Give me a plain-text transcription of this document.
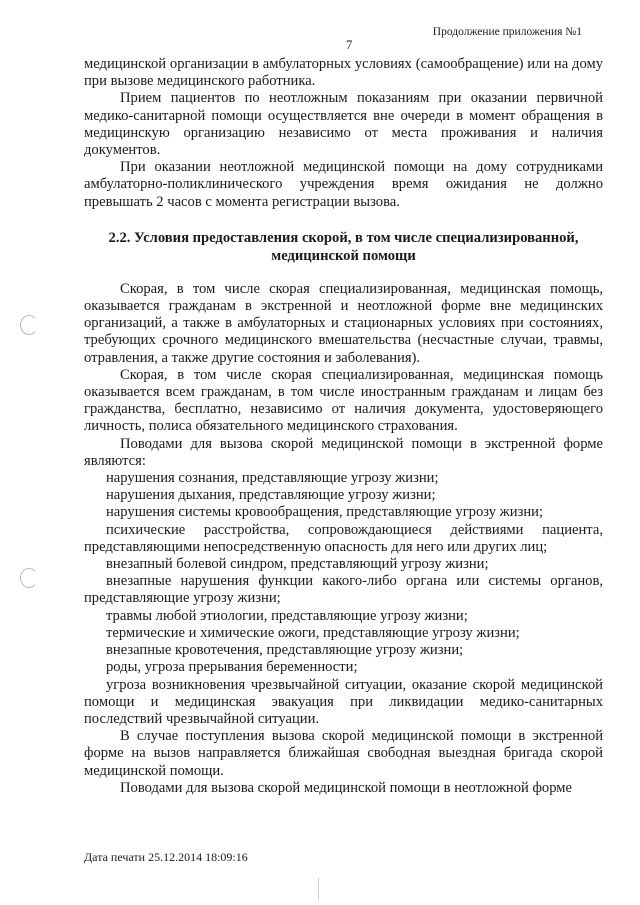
Продолжение приложения №1
7

медицинской организации в амбулаторных условиях (самообращение) или на дому при вызове медицинского работника.

Прием пациентов по неотложным показаниям при оказании первичной медико-санитарной помощи осуществляется вне очереди в момент обращения в медицинскую организацию независимо от места проживания и наличия документов.

При оказании неотложной медицинской помощи на дому сотрудниками амбулаторно-поликлинического учреждения время ожидания не должно превышать 2 часов с момента регистрации вызова.

2.2. Условия предоставления скорой, в том числе специализированной, медицинской помощи

Скорая, в том числе скорая специализированная, медицинская помощь, оказывается гражданам в экстренной и неотложной форме вне медицинских организаций, а также в амбулаторных и стационарных условиях при состояниях, требующих срочного медицинского вмешательства (несчастные случаи, травмы, отравления, а также другие состояния и заболевания).

Скорая, в том числе скорая специализированная, медицинская помощь оказывается всем гражданам, в том числе иностранным гражданам и лицам без гражданства, бесплатно, независимо от наличия документа, удостоверяющего личность, полиса обязательного медицинского страхования.

Поводами для вызова скорой медицинской помощи в экстренной форме являются:

нарушения сознания, представляющие угрозу жизни;

нарушения дыхания, представляющие угрозу жизни;

нарушения системы кровообращения, представляющие угрозу жизни;

психические расстройства, сопровождающиеся действиями пациента, представляющими непосредственную опасность для него или других лиц;

внезапный болевой синдром, представляющий угрозу жизни;

внезапные нарушения функции какого-либо органа или системы органов, представляющие угрозу жизни;

травмы любой этиологии, представляющие угрозу жизни;

термические и химические ожоги, представляющие угрозу жизни;

внезапные кровотечения, представляющие угрозу жизни;

роды, угроза прерывания беременности;

угроза возникновения чрезвычайной ситуации, оказание скорой медицинской помощи и медицинская эвакуация при ликвидации медико-санитарных последствий чрезвычайной ситуации.

В случае поступления вызова скорой медицинской помощи в экстренной форме на вызов направляется ближайшая свободная выездная бригада скорой медицинской помощи.

Поводами для вызова скорой медицинской помощи в неотложной форме

Дата печати 25.12.2014 18:09:16
